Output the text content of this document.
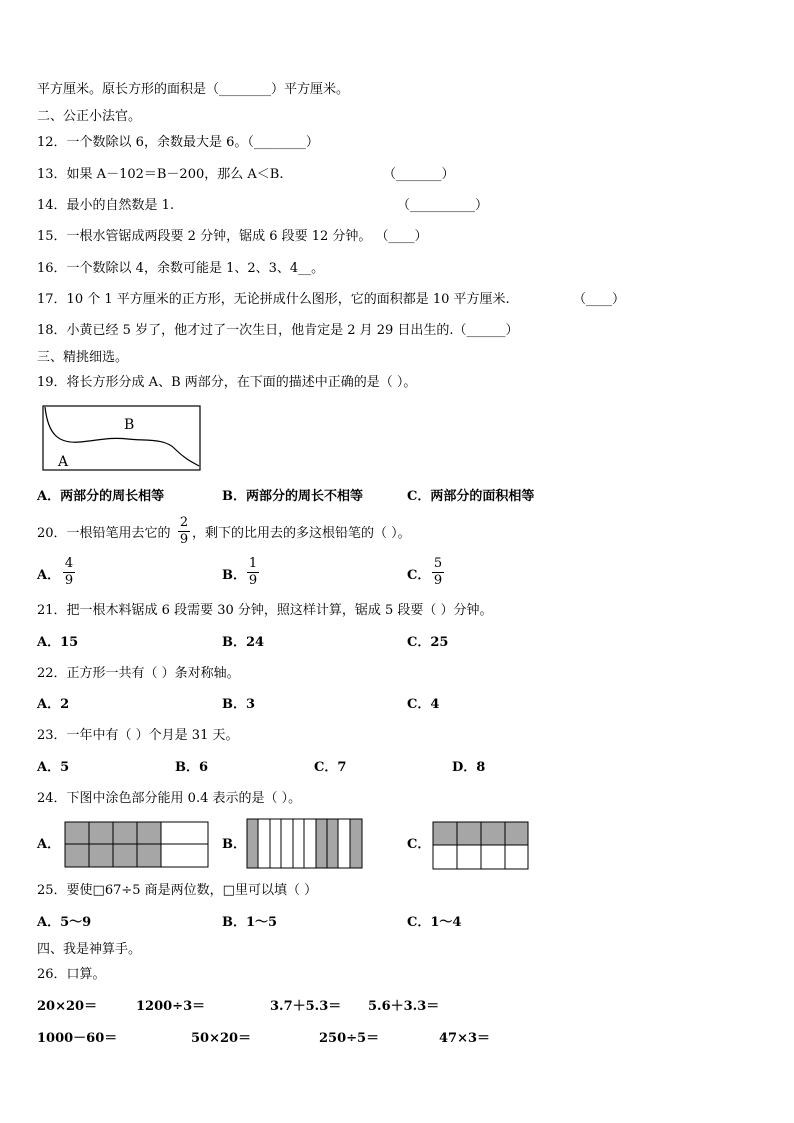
平方厘米。原长方形的面积是（________）平方厘米。
二、公正小法官。
12．一个数除以 6，余数最大是 6。（________）
13．如果 A－102＝B－200，那么 A＜B.	（_______）
14．最小的自然数是 1.	（__________）
15．一根水管锯成两段要 2 分钟，锯成 6 段要 12 分钟。 （____）
16．一个数除以 4，余数可能是 1、2、3、4__。
17．10 个 1 平方厘米的正方形，无论拼成什么图形，它的面积都是 10 平方厘米.	（____）
18．小黄已经 5 岁了，他才过了一次生日，他肯定是 2 月 29 日出生的.（______）
三、精挑细选。
19．将长方形分成 A、B 两部分，在下面的描述中正确的是（ ）。
B
A
A．两部分的周长相等	B．两部分的周长不相等	C．两部分的面积相等
20．一根铅笔用去它的
2
9 ，剩下的比用去的多这根铅笔的（ ）。
A．
4
9	B．
1
9	C．
5
9
21．把一根木料锯成 6 段需要 30 分钟，照这样计算，锯成 5 段要（ ）分钟。
A．15	B．24	C．25
22．正方形一共有（ ）条对称轴。
A．2	B．3	C．4
23．一年中有（ ）个月是 31 天。
A．5	B．6	C．7	D．8
24．下图中涂色部分能用 0.4 表示的是（ ）。
A．	B．	C．
25．要使□67÷5 商是两位数，□里可以填（ ）
A．5～9	B．1～5	C．1～4
四、我是神算手。
26．口算。
20×20＝	1200÷3＝	3.7＋5.3＝ 5.6＋3.3＝
1000－60＝	50×20＝	250÷5＝	47×3＝
